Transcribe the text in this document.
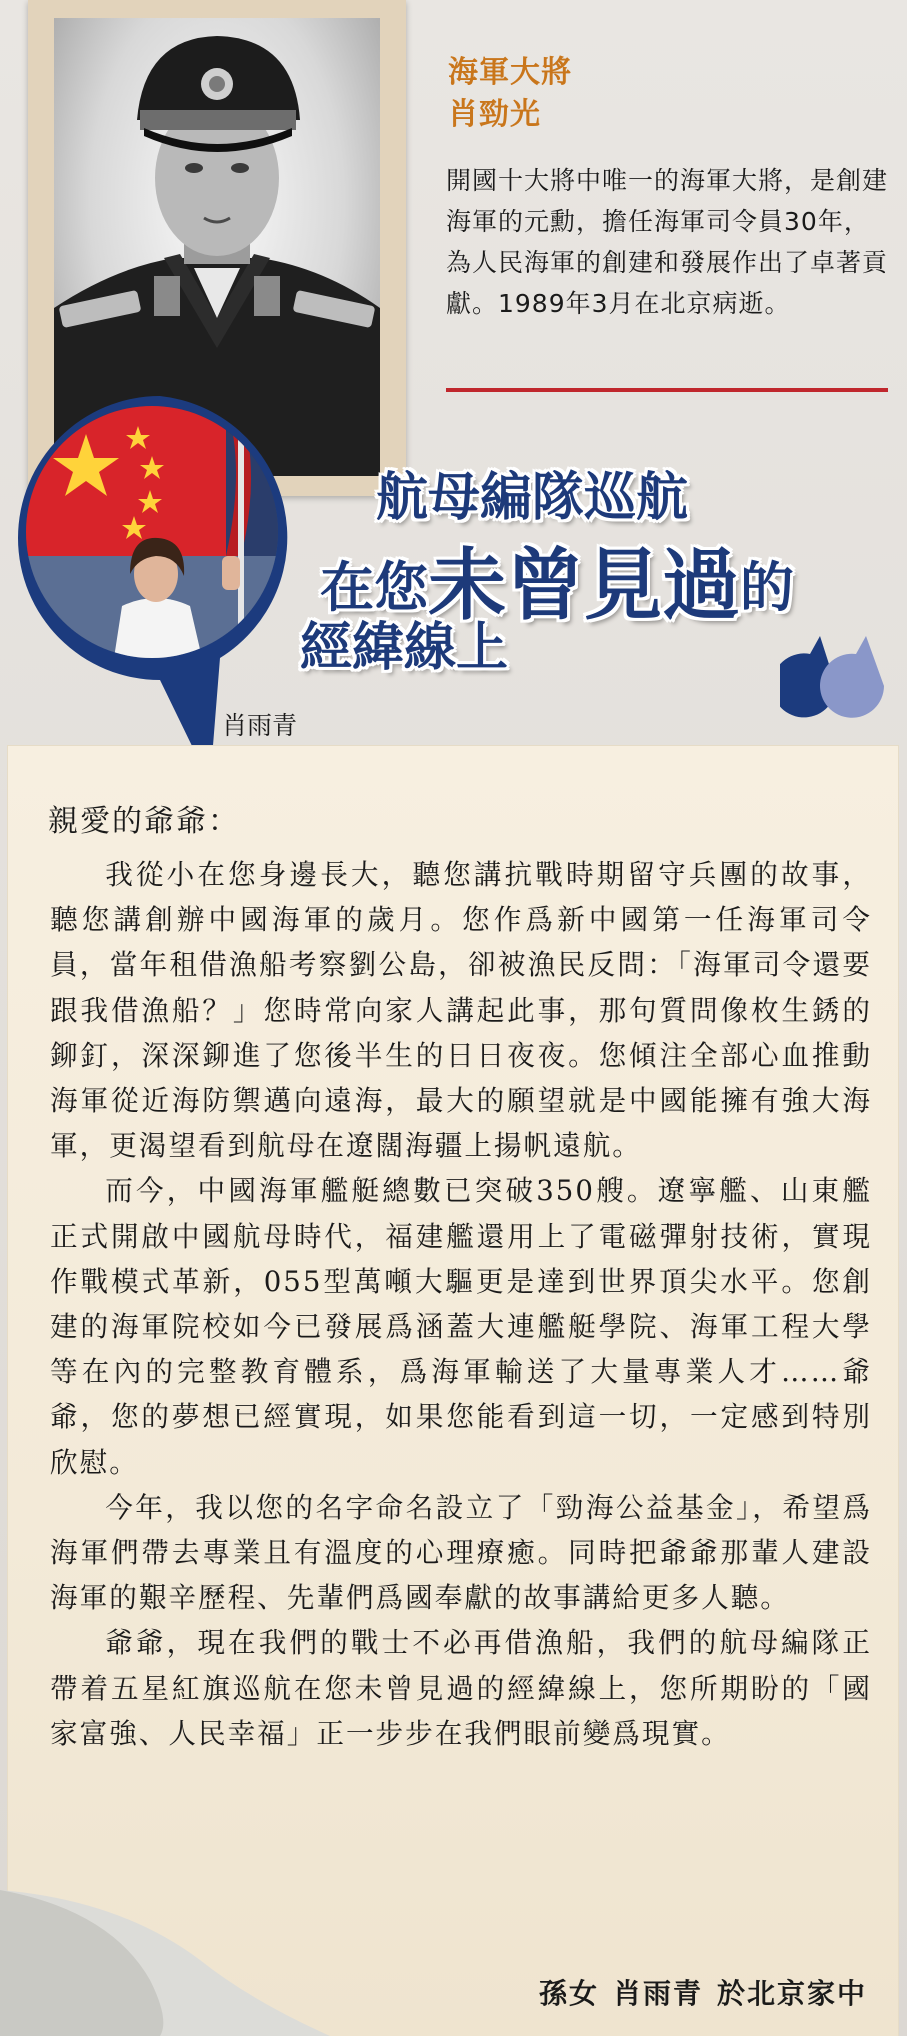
海軍大將
肖勁光
開國十大將中唯一的海軍大將，是創建海軍的元勳，擔任海軍司令員30年，為人民海軍的創建和發展作出了卓著貢獻。1989年3月在北京病逝。
肖雨青
航母編隊巡航
在您未曾見過的
經緯線上
親愛的爺爺：

我從小在您身邊長大，聽您講抗戰時期留守兵團的故事，聽您講創辦中國海軍的歲月。您作爲新中國第一任海軍司令員，當年租借漁船考察劉公島，卻被漁民反問：「海軍司令還要跟我借漁船？」您時常向家人講起此事，那句質問像枚生銹的鉚釘，深深鉚進了您後半生的日日夜夜。您傾注全部心血推動海軍從近海防禦邁向遠海，最大的願望就是中國能擁有強大海軍，更渴望看到航母在遼闊海疆上揚帆遠航。

而今，中國海軍艦艇總數已突破350艘。遼寧艦、山東艦正式開啟中國航母時代，福建艦還用上了電磁彈射技術，實現作戰模式革新，055型萬噸大驅更是達到世界頂尖水平。您創建的海軍院校如今已發展爲涵蓋大連艦艇學院、海軍工程大學等在內的完整教育體系，爲海軍輸送了大量專業人才……爺爺，您的夢想已經實現，如果您能看到這一切，一定感到特別欣慰。

今年，我以您的名字命名設立了「勁海公益基金」，希望爲海軍們帶去專業且有溫度的心理療癒。同時把爺爺那輩人建設海軍的艱辛歷程、先輩們爲國奉獻的故事講給更多人聽。

爺爺，現在我們的戰士不必再借漁船，我們的航母編隊正帶着五星紅旗巡航在您未曾見過的經緯線上，您所期盼的「國家富強、人民幸福」正一步步在我們眼前變爲現實。

孫女 肖雨青 於北京家中
